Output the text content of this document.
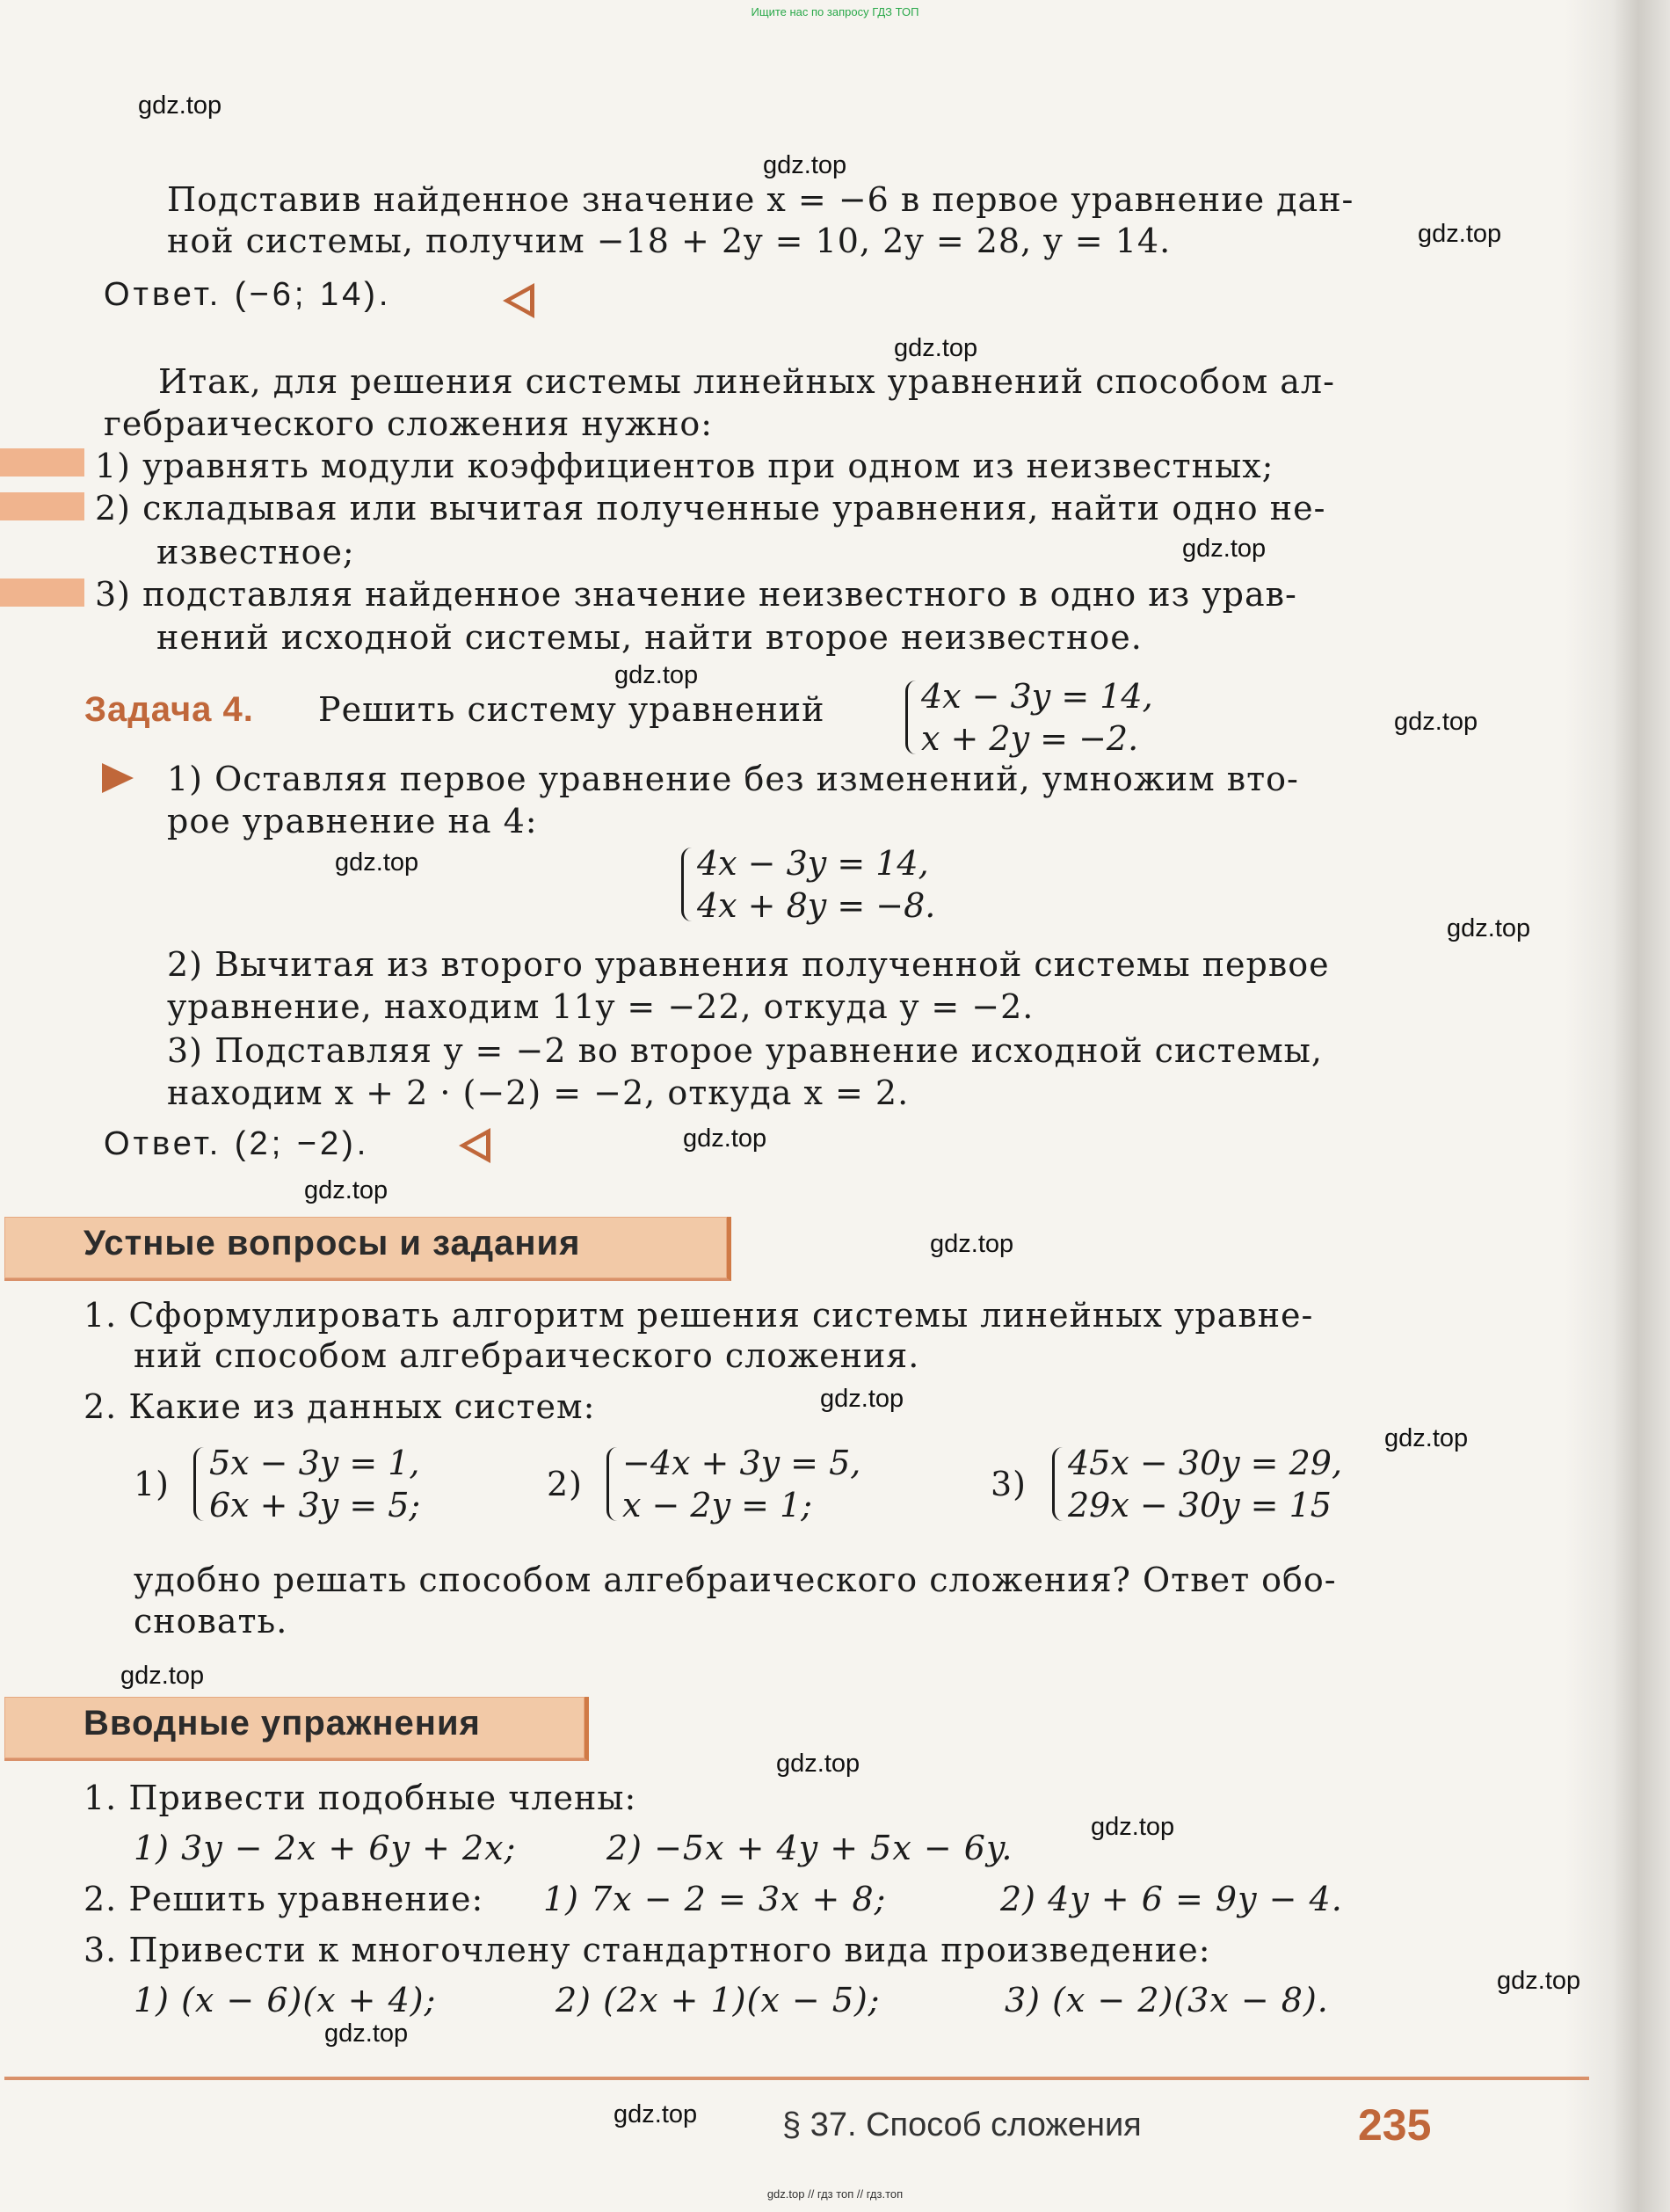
Ищите нас по запросу ГДЗ ТОП
gdz.top
gdz.top
gdz.top
gdz.top
gdz.top
gdz.top
gdz.top
gdz.top
gdz.top
gdz.top
gdz.top
gdz.top
gdz.top
gdz.top
gdz.top
gdz.top
gdz.top
gdz.top
gdz.top
gdz.top
Подставив найденное значение x = −6 в первое уравнение дан-
ной системы, получим −18 + 2y = 10, 2y = 28, y = 14.
Ответ. (−6; 14).
Итак, для решения системы линейных уравнений способом ал-
гебраического сложения нужно:
1) уравнять модули коэффициентов при одном из неизвестных;
2) складывая или вычитая полученные уравнения, найти одно не-
известное;
3) подставляя найденное значение неизвестного в одно из урав-
нений исходной системы, найти второе неизвестное.
Задача 4. Решить систему уравнений	4x − 3y = 14,
x + 2y = −2.
1) Оставляя первое уравнение без изменений, умножим вто-
рое уравнение на 4:
4x − 3y = 14,
4x + 8y = −8.
2) Вычитая из второго уравнения полученной системы первое
уравнение, находим 11y = −22, откуда y = −2.
3) Подставляя y = −2 во второе уравнение исходной системы,
находим x + 2 · (−2) = −2, откуда x = 2.
Ответ. (2; −2).
Устные вопросы и задания
1. Сформулировать алгоритм решения системы линейных уравне-
ний способом алгебраического сложения.
2. Какие из данных систем:
1)
5x − 3y = 1,
6x + 3y = 5;
2)
−4x + 3y = 5,
x − 2y = 1;
3)
45x − 30y = 29,
29x − 30y = 15
удобно решать способом алгебраического сложения? Ответ обо-
сновать.
Вводные упражнения
1. Привести подобные члены:
1) 3y − 2x + 6y + 2x;	2) −5x + 4y + 5x − 6y.
2. Решить уравнение: 1) 7x − 2 = 3x + 8;	2) 4y + 6 = 9y − 4.
3. Привести к многочлену стандартного вида произведение:
1) (x − 6)(x + 4);	2) (2x + 1)(x − 5);	3) (x − 2)(3x − 8).
§ 37. Способ сложения	235
gdz.top // гдз топ // гдз.топ
